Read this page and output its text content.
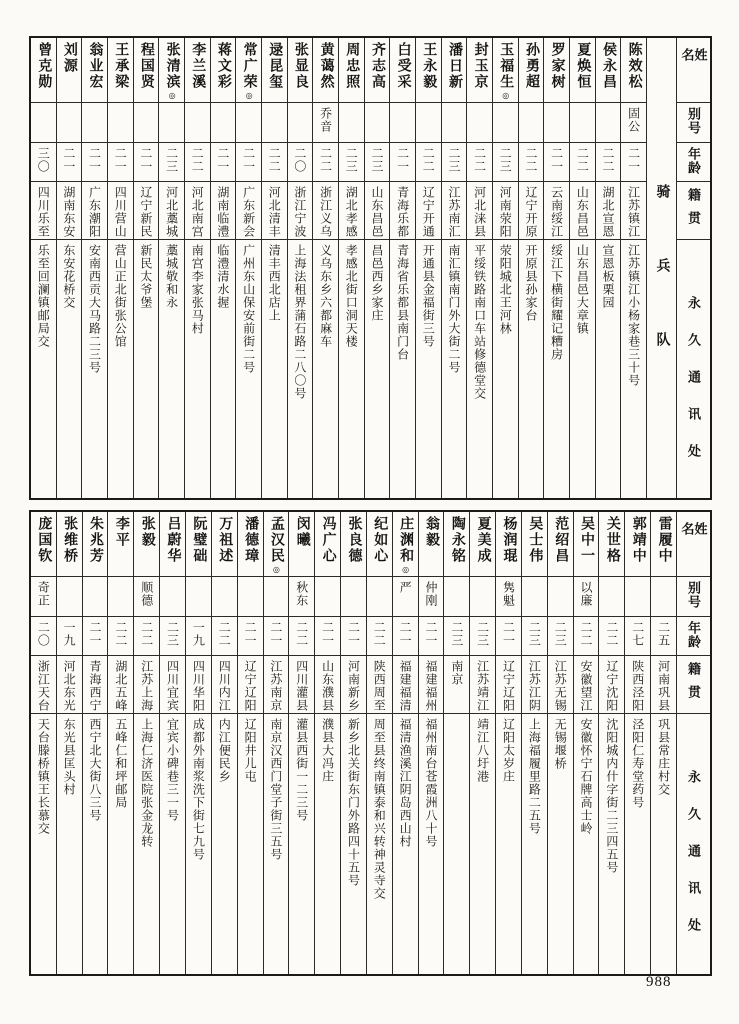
姓名
别号
年龄
籍贯
永久通讯处
骑兵队
陈效松
固公
二一
江苏镇江
江苏镇江小杨家巷三十号
侯永昌
二二
湖北宣恩
宣恩板栗园
夏焕恒
二二
山东昌邑
山东昌邑大章镇
罗家树
二一
云南绥江
绥江下横街耀记糟房
孙勇超
二二
辽宁开原
开原县孙家台
玉福生
◎
二三
河南荥阳
荥阳城北王河林
封玉京
二二
河北涞县
平绥铁路南口车站修德堂交
潘日新
二三
江苏南汇
南汇镇南门外大街二号
王永毅
二二
辽宁开通
开通县金福街三号
白受采
二一
青海乐都
青海省乐都县南门台
齐志高
二三
山东昌邑
昌邑西乡家庄
周忠照
二三
湖北孝感
孝感北街口洞天楼
黄蔼然
乔音
二二
浙江义乌
义乌东乡六都麻车
张显良
二〇
浙江宁波
上海法租界蒲石路二八〇号
逯昆玺
二二
河北清丰
清丰西北店上
常广荣
◎
二一
广东新会
广州东山保安前街二号
蒋文彩
二一
湖南临澧
临澧清水握
李兰溪
二二
河北南宫
南宫李家张马村
张清滨
◎
二三
河北藁城
藁城敬和永
程国贤
二一
辽宁新民
新民太爷堡
王承梁
二一
四川营山
营山正北街张公馆
翁业宏
二一
广东潮阳
安南西贡大马路二三号
刘源
二一
湖南东安
东安花桥交
曾克勋
三〇
四川乐至
乐至回澜镇邮局交
姓名
别号
年龄
籍贯
永久通讯处
雷履中
二五
河南巩县
巩县常庄村交
郭靖中
二七
陕西泾阳
泾阳仁寿堂药号
关世格
二二
辽宁沈阳
沈阳城内什字街二三四五号
吴中一
以廉
二二
安徽望江
安徽怀宁石牌高士岭
范绍昌
二三
江苏无锡
无锡堰桥
吴士伟
二三
江苏江阴
上海福履里路二五号
杨润琨
隽魁
二一
辽宁辽阳
辽阳太岁庄
夏美成
二三
江苏靖江
靖江八圩港
陶永铭
二三
南京
翁毅
仲刚
二一
福建福州
福州南台苍霞洲八十号
庄渊和
◎
严
二一
福建福清
福清渔溪江阴岛西山村
纪如心
二二
陕西周至
周至县终南镇泰和兴转神灵寺交
张良德
二一
河南新乡
新乡北关街东门外路四十五号
冯广心
二一
山东濮县
濮县大冯庄
闵曦
秋东
二二
四川灌县
灌县西街一二三号
孟汉民
◎
二一
江苏南京
南京汉西门堂子街三五号
潘德璋
二一
辽宁辽阳
辽阳井儿屯
万祖述
二二
四川内江
内江便民乡
阮璧础
一九
四川华阳
成都外南浆洗下街七九号
吕蔚华
二三
四川宜宾
宜宾小碑巷三一号
张毅
顺德
二二
江苏上海
上海仁济医院张金龙转
李平
二二
湖北五峰
五峰仁和坪邮局
朱兆芳
二一
青海西宁
西宁北大街八三号
张维桥
一九
河北东光
东光县匡头村
庞国钦
奇正
二〇
浙江天台
天台滕桥镇王长慕交
988
